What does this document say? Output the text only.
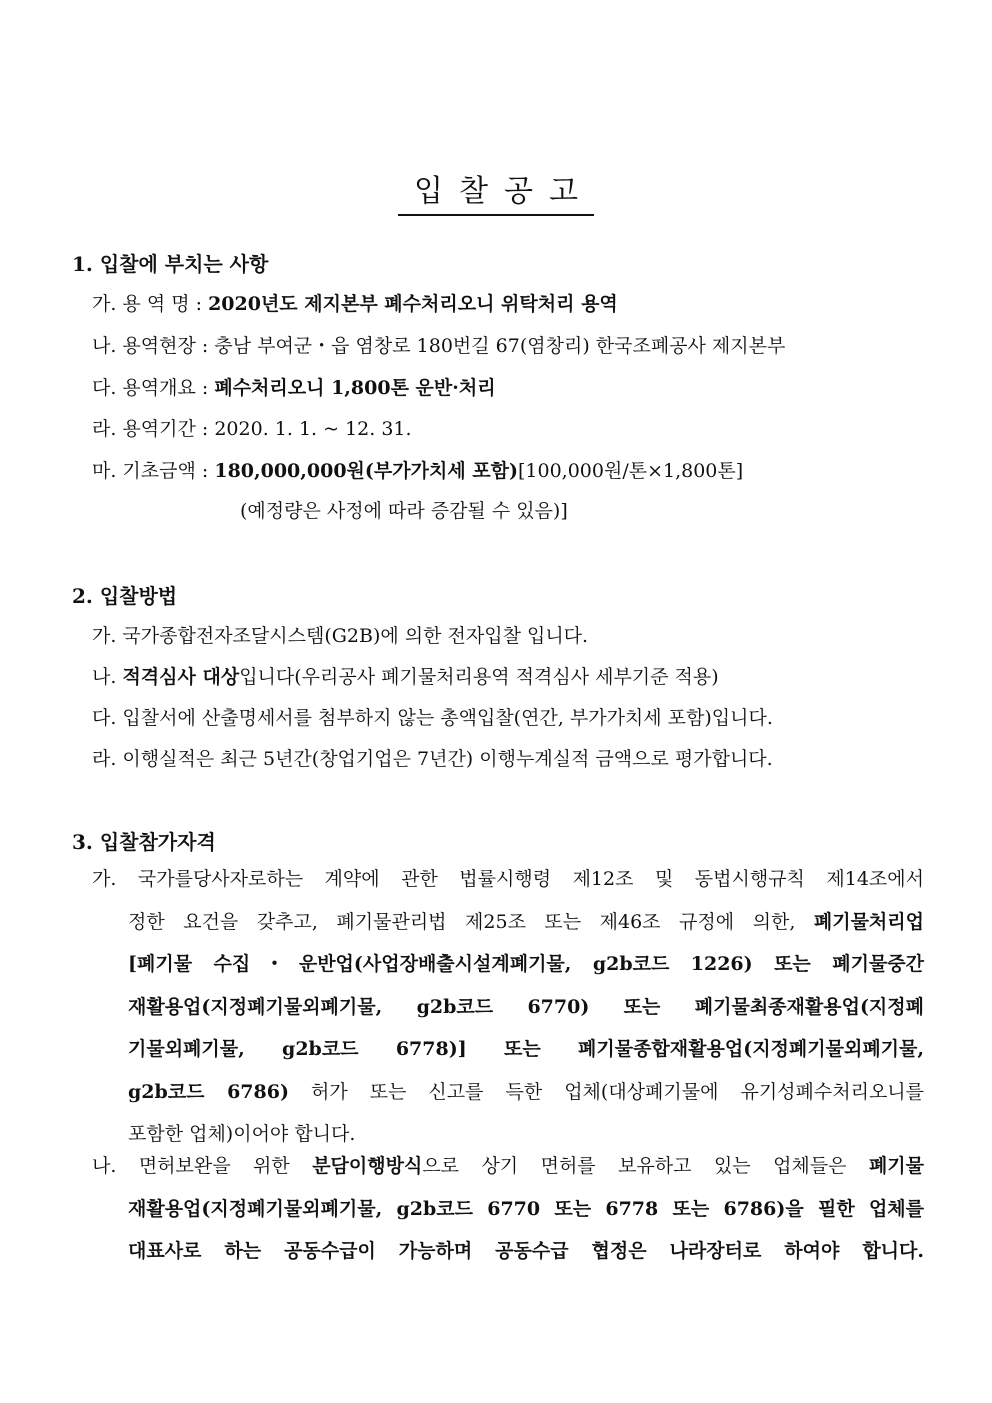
입찰공고
1. 입찰에 부치는 사항
가. 용 역 명 : 2020년도 제지본부 폐수처리오니 위탁처리 용역
나. 용역현장 : 충남 부여군・읍 염창로 180번길 67(염창리) 한국조폐공사 제지본부
다. 용역개요 : 폐수처리오니 1,800톤 운반·처리
라. 용역기간 : 2020. 1. 1. ~ 12. 31.
마. 기초금액 : 180,000,000원(부가가치세 포함)[100,000원/톤×1,800톤]
(예정량은 사정에 따라 증감될 수 있음)]
2. 입찰방법
가. 국가종합전자조달시스템(G2B)에 의한 전자입찰 입니다.
나. 적격심사 대상입니다(우리공사 폐기물처리용역 적격심사 세부기준 적용)
다. 입찰서에 산출명세서를 첨부하지 않는 총액입찰(연간, 부가가치세 포함)입니다.
라. 이행실적은 최근 5년간(창업기업은 7년간) 이행누계실적 금액으로 평가합니다.
3. 입찰참가자격
가. 국가를당사자로하는 계약에 관한 법률시행령 제12조 및 동법시행규칙 제14조에서
정한 요건을 갖추고, 폐기물관리법 제25조 또는 제46조 규정에 의한, 폐기물처리업
[폐기물 수집・운반업(사업장배출시설계폐기물, g2b코드 1226) 또는 폐기물중간
재활용업(지정폐기물외폐기물, g2b코드 6770) 또는 폐기물최종재활용업(지정폐
기물외폐기물, g2b코드 6778)] 또는 폐기물종합재활용업(지정폐기물외폐기물,
g2b코드 6786) 허가 또는 신고를 득한 업체(대상폐기물에 유기성폐수처리오니를
포함한 업체)이어야 합니다.
나. 면허보완을 위한 분담이행방식으로 상기 면허를 보유하고 있는 업체들은 폐기물
재활용업(지정폐기물외폐기물, g2b코드 6770 또는 6778 또는 6786)을 필한 업체를
대표사로 하는 공동수급이 가능하며 공동수급 협정은 나라장터로 하여야 합니다.
